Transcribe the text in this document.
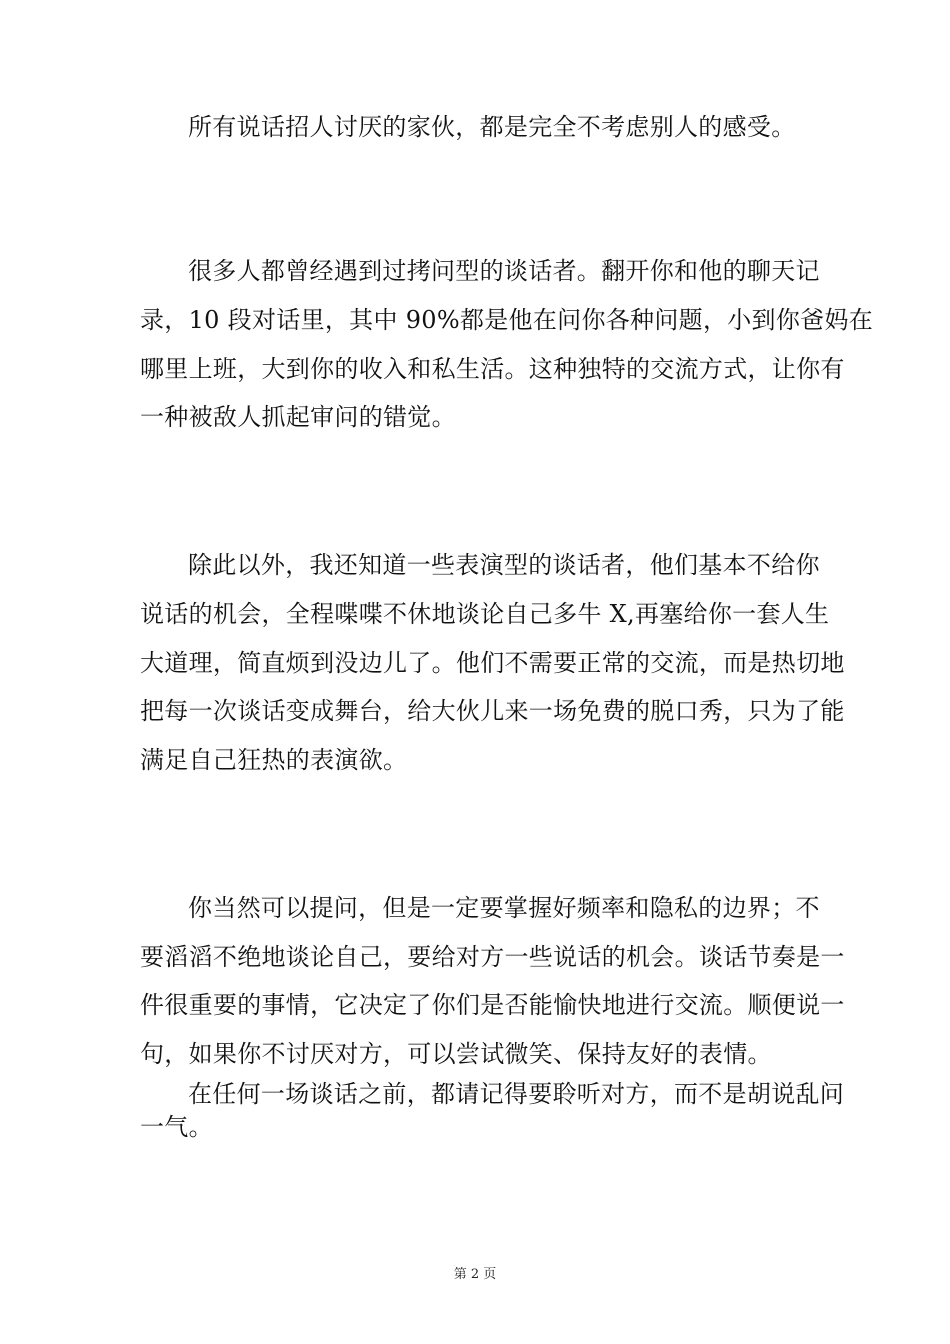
所有说话招人讨厌的家伙，都是完全不考虑别人的感受。
很多人都曾经遇到过拷问型的谈话者。翻开你和他的聊天记
录，10 段对话里，其中 90%都是他在问你各种问题，小到你爸妈在
哪里上班，大到你的收入和私生活。这种独特的交流方式，让你有
一种被敌人抓起审问的错觉。
除此以外，我还知道一些表演型的谈话者，他们基本不给你
说话的机会，全程喋喋不休地谈论自己多牛 X,再塞给你一套人生
大道理，简直烦到没边儿了。他们不需要正常的交流，而是热切地
把每一次谈话变成舞台，给大伙儿来一场免费的脱口秀，只为了能
满足自己狂热的表演欲。
你当然可以提问，但是一定要掌握好频率和隐私的边界；不
要滔滔不绝地谈论自己，要给对方一些说话的机会。谈话节奏是一
件很重要的事情，它决定了你们是否能愉快地进行交流。顺便说一
句，如果你不讨厌对方，可以尝试微笑、保持友好的表情。
在任何一场谈话之前，都请记得要聆听对方，而不是胡说乱问
一气。
第 2 页
